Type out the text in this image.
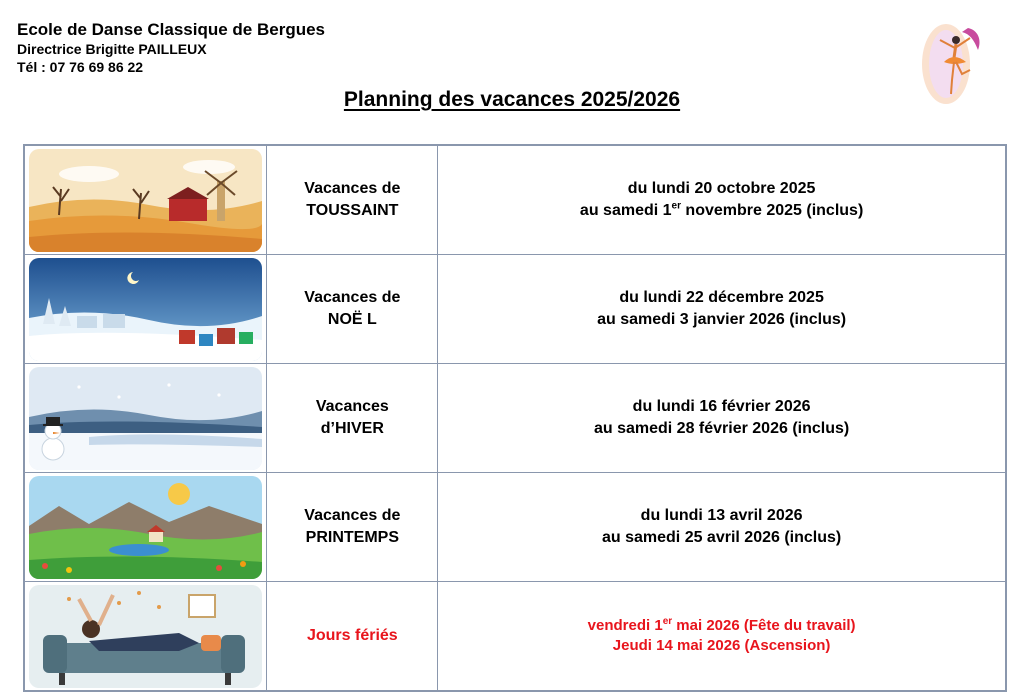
Ecole de Danse Classique de Bergues
Directrice Brigitte PAILLEUX
Tél : 07 76 69 86 22
Planning des vacances 2025/2026

Vacances de
TOUSSAINT	du lundi 20 octobre 2025
au samedi 1er novembre 2025 (inclus)

Vacances de
NOË L	du lundi 22 décembre 2025
au samedi 3 janvier 2026 (inclus)

Vacances
d’HIVER	du lundi 16 février 2026
au samedi 28 février 2026 (inclus)

Vacances de
PRINTEMPS	du lundi 13 avril 2026
au samedi 25 avril 2026 (inclus)

Jours fériés	vendredi 1er mai 2026 (Fête du travail)
Jeudi 14 mai 2026 (Ascension)
